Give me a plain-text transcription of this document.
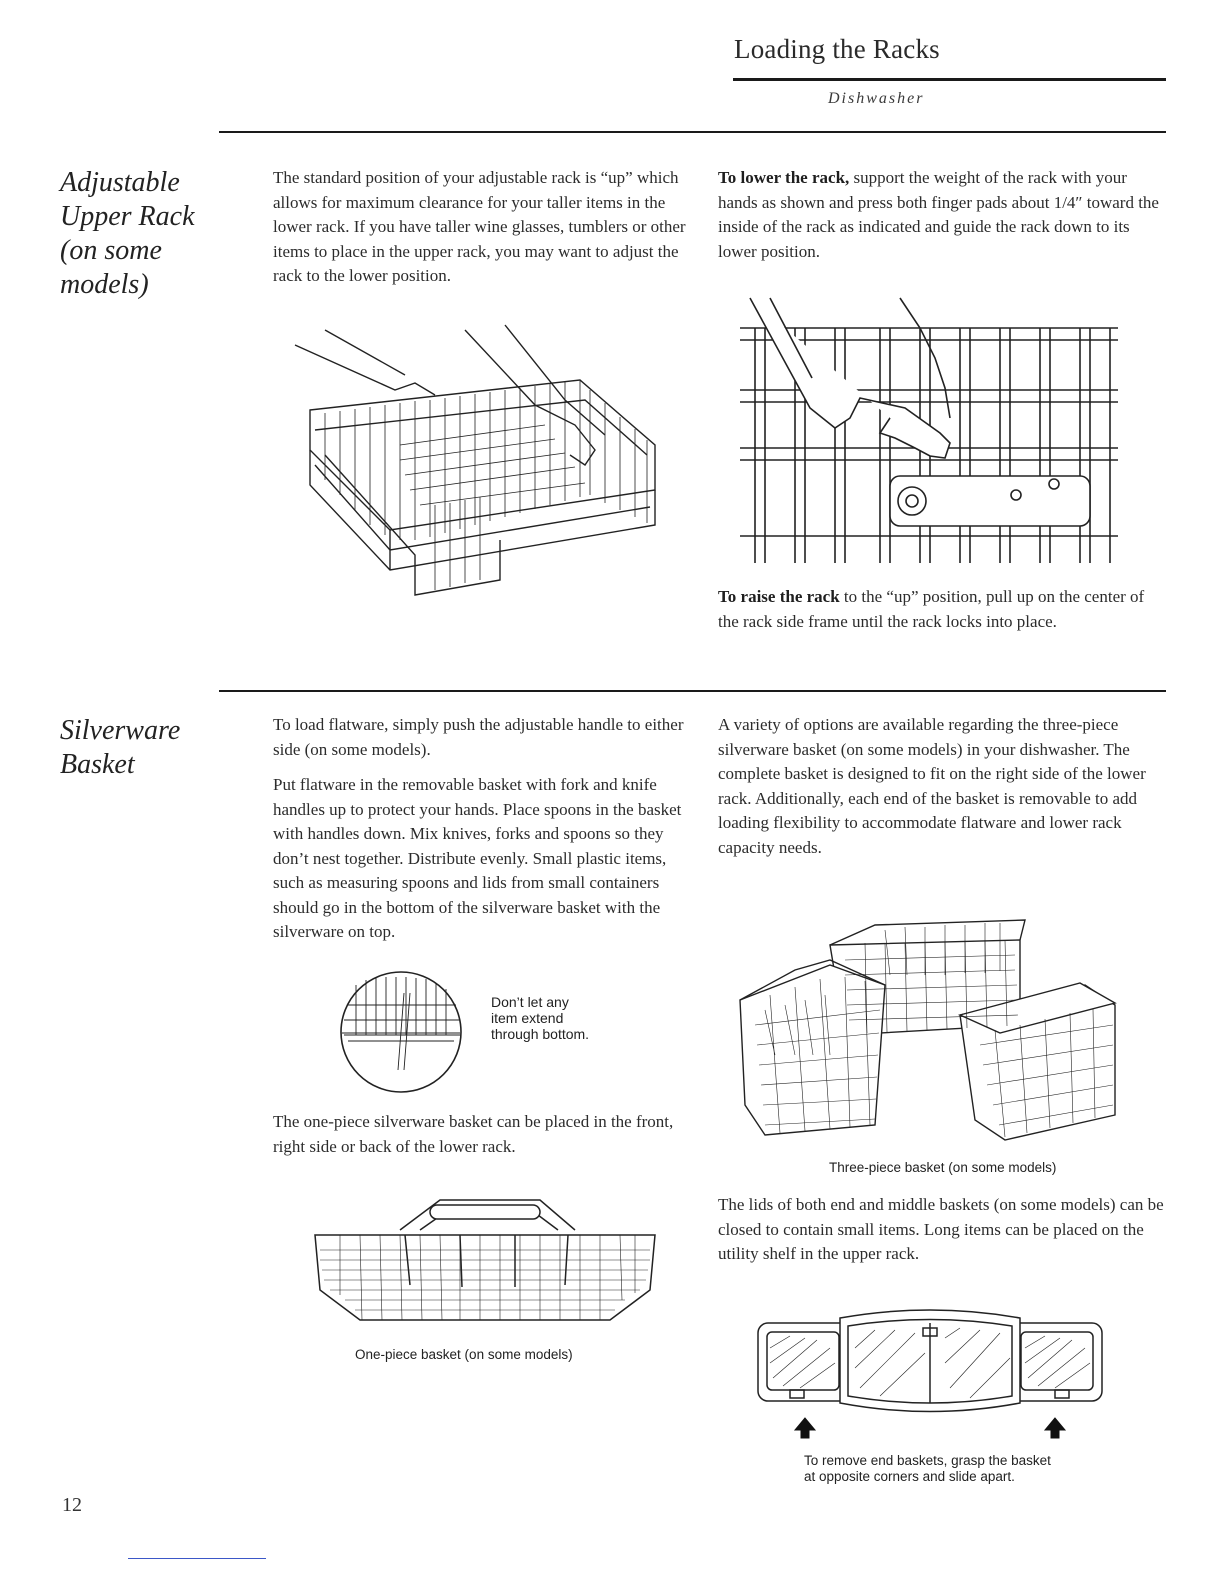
Loading the Racks
Dishwasher
Adjustable
Upper Rack
(on some
models)
The standard position of your adjustable rack is “up” which allows for maximum clearance for your taller items in the lower rack. If you have taller wine glasses, tumblers or other items to place in the upper rack, you may want to adjust the rack to the lower position.
To lower the rack, support the weight of the rack with your hands as shown and press both finger pads about 1/4″ toward the inside of the rack as indicated and guide the rack down to its lower position.
To raise the rack to the “up” position, pull up on the center of the rack side frame until the rack locks into place.
Silverware
Basket
To load flatware, simply push the adjustable handle to either side (on some models).
Put flatware in the removable basket with fork and knife handles up to protect your hands. Place spoons in the basket with handles down. Mix knives, forks and spoons so they don’t nest together. Distribute evenly. Small plastic items, such as measuring spoons and lids from small containers should go in the bottom of the silverware basket with the silverware on top.
Don’t let any
item extend
through bottom.
The one-piece silverware basket can be placed in the front, right side or back of the lower rack.
One-piece basket (on some models)
A variety of options are available regarding the three-piece silverware basket (on some models) in your dishwasher. The complete basket is designed to fit on the right side of the lower rack. Additionally, each end of the basket is removable to add loading flexibility to accommodate flatware and lower rack capacity needs.
Three-piece basket (on some models)
The lids of both end and middle baskets (on some models) can be closed to contain small items. Long items can be placed on the utility shelf in the upper rack.
To remove end baskets, grasp the basket
at opposite corners and slide apart.
12
